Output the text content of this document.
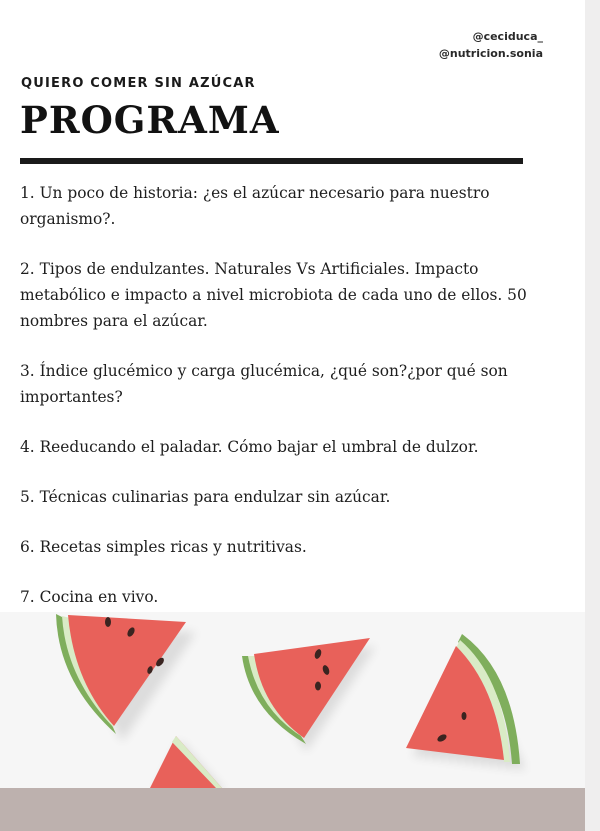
@ceciduca_
@nutricion.sonia
QUIERO COMER SIN AZÚCAR
PROGRAMA
1. Un poco de historia: ¿es el azúcar necesario para nuestro organismo?.
2. Tipos de endulzantes. Naturales Vs Artificiales. Impacto metabólico e impacto a nivel microbiota de cada uno de ellos. 50 nombres para el azúcar.
3. Índice glucémico y carga glucémica, ¿qué son?¿por qué son importantes?
4. Reeducando el paladar. Cómo bajar el umbral de dulzor.
5. Técnicas culinarias para endulzar sin azúcar.
6. Recetas simples ricas y nutritivas.
7. Cocina en vivo.
